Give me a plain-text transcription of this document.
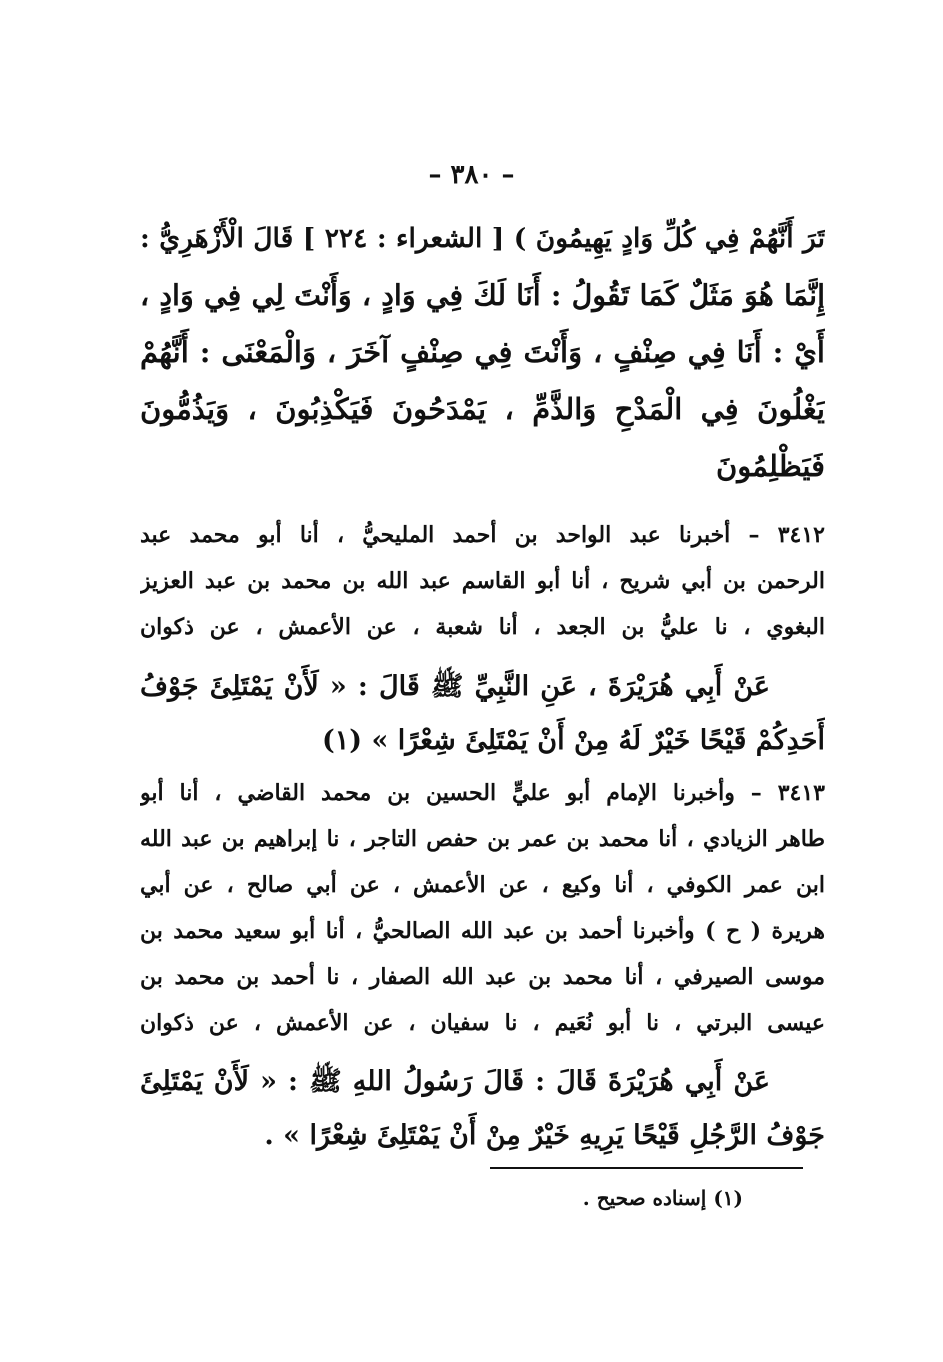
– ٣٨٠ –
تَرَ أَنَّهُمْ فِي كُلِّ وَادٍ يَهِيمُونَ ) [ الشعراء : ٢٢٤ ] قَالَ الْأَزْهَرِيُّ :
إِنَّمَا هُوَ مَثَلٌ كَمَا تَقُولُ : أَنَا لَكَ فِي وَادٍ ، وَأَنْتَ لِي فِي وَادٍ ،
أَيْ : أَنَا فِي صِنْفٍ ، وَأَنْتَ فِي صِنْفٍ آخَرَ ، وَالْمَعْنَى : أَنَّهُمْ
يَغْلُونَ فِي الْمَدْحِ وَالذَّمِّ ، يَمْدَحُونَ فَيَكْذِبُونَ ، وَيَذُمُّونَ
فَيَظْلِمُونَ
٣٤١٢ – أخبرنا عبد الواحد بن أحمد المليحيُّ ، أنا أبو محمد عبد
الرحمن بن أبي شريح ، أنا أبو القاسم عبد الله بن محمد بن عبد العزيز
البغوي ، نا عليُّ بن الجعد ، أنا شعبة ، عن الأعمش ، عن ذكوان
عَنْ أَبِي هُرَيْرَةَ ، عَنِ النَّبِيِّ ﷺ قَالَ : « لَأَنْ يَمْتَلِئَ جَوْفُ
أَحَدِكُمْ قَيْحًا خَيْرٌ لَهُ مِنْ أَنْ يَمْتَلِئَ شِعْرًا » (١)
٣٤١٣ – وأخبرنا الإمام أبو عليٍّ الحسين بن محمد القاضي ، أنا أبو
طاهر الزيادي ، أنا محمد بن عمر بن حفص التاجر ، نا إبراهيم بن عبد الله
ابن عمر الكوفي ، أنا وكيع ، عن الأعمش ، عن أبي صالح ، عن أبي
هريرة ( ح ) وأخبرنا أحمد بن عبد الله الصالحيُّ ، أنا أبو سعيد محمد بن
موسى الصيرفي ، أنا محمد بن عبد الله الصفار ، نا أحمد بن محمد بن
عيسى البرتي ، نا أبو نُعَيم ، نا سفيان ، عن الأعمش ، عن ذكوان
عَنْ أَبِي هُرَيْرَةَ قَالَ : قَالَ رَسُولُ اللهِ ﷺ : « لَأَنْ يَمْتَلِئَ
جَوْفُ الرَّجُلِ قَيْحًا يَرِيهِ خَيْرٌ مِنْ أَنْ يَمْتَلِئَ شِعْرًا » .
(١) إسناده صحيح .
